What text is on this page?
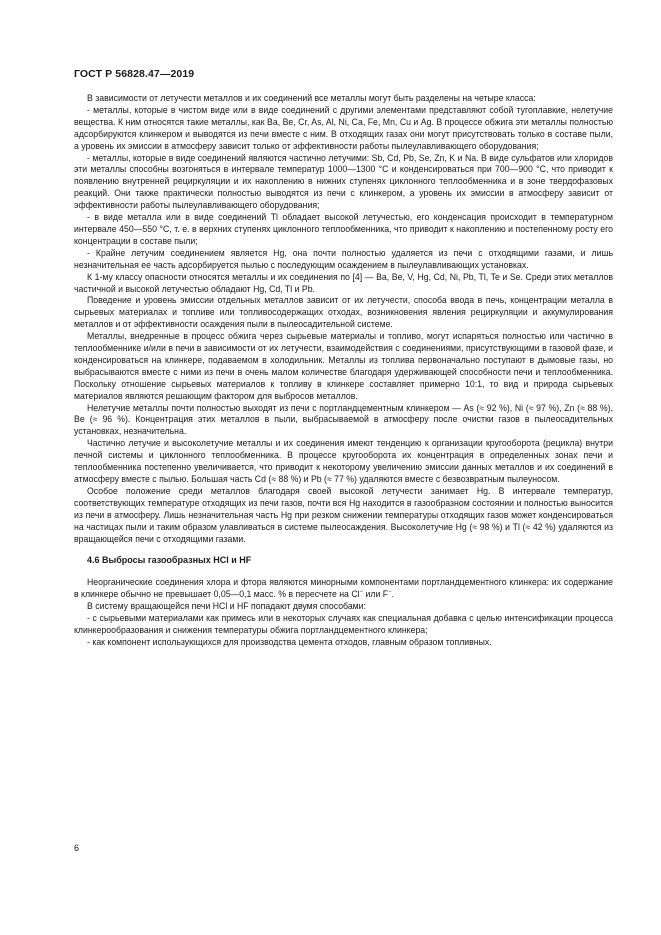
ГОСТ Р 56828.47—2019

В зависимости от летучести металлов и их соединений все металлы могут быть разделены на четыре класса:

- металлы, которые в чистом виде или в виде соединений с другими элементами представляют собой тугоплавкие, нелетучие вещества. К ним относятся такие металлы, как Ba, Be, Cr, As, Al, Ni, Ca, Fe, Mn, Cu и Ag. В процессе обжига эти металлы полностью адсорбируются клинкером и выводятся из печи вместе с ним. В отходящих газах они могут присутствовать только в составе пыли, а уровень их эмиссии в атмосферу зависит только от эффективности работы пылеулавливающего оборудования;

- металлы, которые в виде соединений являются частично летучими: Sb, Cd, Pb, Se, Zn, K и Na. В виде сульфатов или хлоридов эти металлы способны возгоняться в интервале температур 1000—1300 °C и конденсироваться при 700—900 °C, что приводит к появлению внутренней рециркуляции и их накоплению в нижних ступенях циклонного теплообменника и в зоне твердофазовых реакций. Они также практически полностью выводятся из печи с клинкером, а уровень их эмиссии в атмосферу зависит от эффективности работы пылеулавливающего оборудования;

- в виде металла или в виде соединений Tl обладает высокой летучестью, его конденсация происходит в температурном интервале 450—550 °C, т. е. в верхних ступенях циклонного теплообменника, что приводит к накоплению и постепенному росту его концентрации в составе пыли;

- Крайне летучим соединением является Hg, она почти полностью удаляется из печи с отходящими газами, и лишь незначительная ее часть адсорбируется пылью с последующим осаждением в пылеулавливающих установках.

К 1-му классу опасности относятся металлы и их соединения по [4] — Ba, Be, V, Hg, Cd, Ni, Pb, Tl, Te и Se. Среди этих металлов частичной и высокой летучестью обладают Hg, Cd, Tl и Pb.

Поведение и уровень эмиссии отдельных металлов зависит от их летучести, способа ввода в печь, концентрации металла в сырьевых материалах и топливе или топливосодержащих отходах, возникновения явления рециркуляции и аккумулирования металлов и от эффективности осаждения пыли в пылеосадительной системе.

Металлы, внедренные в процесс обжига через сырьевые материалы и топливо, могут испаряться полностью или частично в теплообменнике и/или в печи в зависимости от их летучести, взаимодействия с соединениями, присутствующими в газовой фазе, и конденсироваться на клинкере, подаваемом в холодильник. Металлы из топлива первоначально поступают в дымовые газы, но выбрасываются вместе с ними из печи в очень малом количестве благодаря удерживающей способности печи и теплообменника. Поскольку отношение сырьевых материалов к топливу в клинкере составляет примерно 10:1, то вид и природа сырьевых материалов являются решающим фактором для выбросов металлов.

Нелетучие металлы почти полностью выходят из печи с портландцементным клинкером — As (≈ 92 %), Ni (≈ 97 %), Zn (≈ 88 %), Be (≈ 96 %). Концентрация этих металлов в пыли, выбрасываемой в атмосферу после очистки газов в пылеосадительных установках, незначительна.

Частично летучие и высоколетучие металлы и их соединения имеют тенденцию к организации кругооборота (рецикла) внутри печной системы и циклонного теплообменника. В процессе кругооборота их концентрация в определенных зонах печи и теплообменника постепенно увеличивается, что приводит к некоторому увеличению эмиссии данных металлов и их соединений в атмосферу вместе с пылью. Большая часть Cd (≈ 88 %) и Pb (≈ 77 %) удаляются вместе с безвозвратным пылеуносом.

Особое положение среди металлов благодаря своей высокой летучести занимает Hg. В интервале температур, соответствующих температуре отходящих из печи газов, почти вся Hg находится в газообразном состоянии и полностью выносится из печи в атмосферу. Лишь незначительная часть Hg при резком снижении температуры отходящих газов может конденсироваться на частицах пыли и таким образом улавливаться в системе пылеосаждения. Высоколетучие Hg (≈ 98 %) и Tl (≈ 42 %) удаляются из вращающейся печи с отходящими газами.

4.6 Выбросы газообразных HCl и HF

Неорганические соединения хлора и фтора являются минорными компонентами портландцементного клинкера: их содержание в клинкере обычно не превышает 0,05—0,1 масс. % в пересчете на Cl− или F−.

В систему вращающейся печи HCl и HF попадают двумя способами:

- с сырьевыми материалами как примесь или в некоторых случаях как специальная добавка с целью интенсификации процесса клинкерообразования и снижения температуры обжига портландцементного клинкера;

- как компонент использующихся для производства цемента отходов, главным образом топливных.

6
